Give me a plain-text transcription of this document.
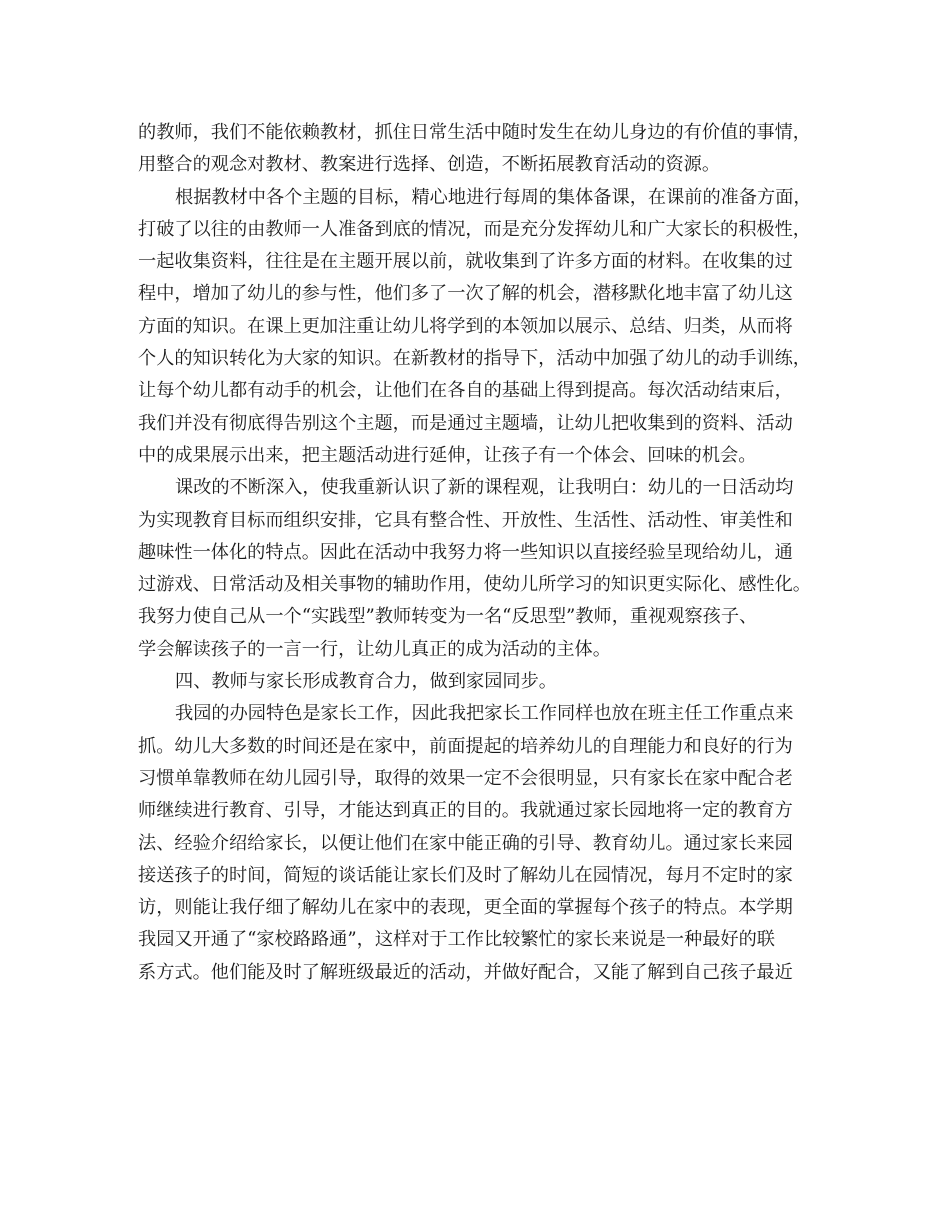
的教师，我们不能依赖教材，抓住日常生活中随时发生在幼儿身边的有价值的事情，
用整合的观念对教材、教案进行选择、创造，不断拓展教育活动的资源。
根据教材中各个主题的目标，精心地进行每周的集体备课，在课前的准备方面，
打破了以往的由教师一人准备到底的情况，而是充分发挥幼儿和广大家长的积极性，
一起收集资料，往往是在主题开展以前，就收集到了许多方面的材料。在收集的过
程中，增加了幼儿的参与性，他们多了一次了解的机会，潜移默化地丰富了幼儿这
方面的知识。在课上更加注重让幼儿将学到的本领加以展示、总结、归类，从而将
个人的知识转化为大家的知识。在新教材的指导下，活动中加强了幼儿的动手训练，
让每个幼儿都有动手的机会，让他们在各自的基础上得到提高。每次活动结束后，
我们并没有彻底得告别这个主题，而是通过主题墙，让幼儿把收集到的资料、活动
中的成果展示出来，把主题活动进行延伸，让孩子有一个体会、回味的机会。
课改的不断深入，使我重新认识了新的课程观，让我明白：幼儿的一日活动均
为实现教育目标而组织安排，它具有整合性、开放性、生活性、活动性、审美性和
趣味性一体化的特点。因此在活动中我努力将一些知识以直接经验呈现给幼儿，通
过游戏、日常活动及相关事物的辅助作用，使幼儿所学习的知识更实际化、感性化。
我努力使自己从一个“实践型”教师转变为一名“反思型”教师，重视观察孩子、
学会解读孩子的一言一行，让幼儿真正的成为活动的主体。
四、教师与家长形成教育合力，做到家园同步。
我园的办园特色是家长工作，因此我把家长工作同样也放在班主任工作重点来
抓。幼儿大多数的时间还是在家中，前面提起的培养幼儿的自理能力和良好的行为
习惯单靠教师在幼儿园引导，取得的效果一定不会很明显，只有家长在家中配合老
师继续进行教育、引导，才能达到真正的目的。我就通过家长园地将一定的教育方
法、经验介绍给家长，以便让他们在家中能正确的引导、教育幼儿。通过家长来园
接送孩子的时间，简短的谈话能让家长们及时了解幼儿在园情况，每月不定时的家
访，则能让我仔细了解幼儿在家中的表现，更全面的掌握每个孩子的特点。本学期
我园又开通了“家校路路通”，这样对于工作比较繁忙的家长来说是一种最好的联
系方式。他们能及时了解班级最近的活动，并做好配合，又能了解到自己孩子最近
